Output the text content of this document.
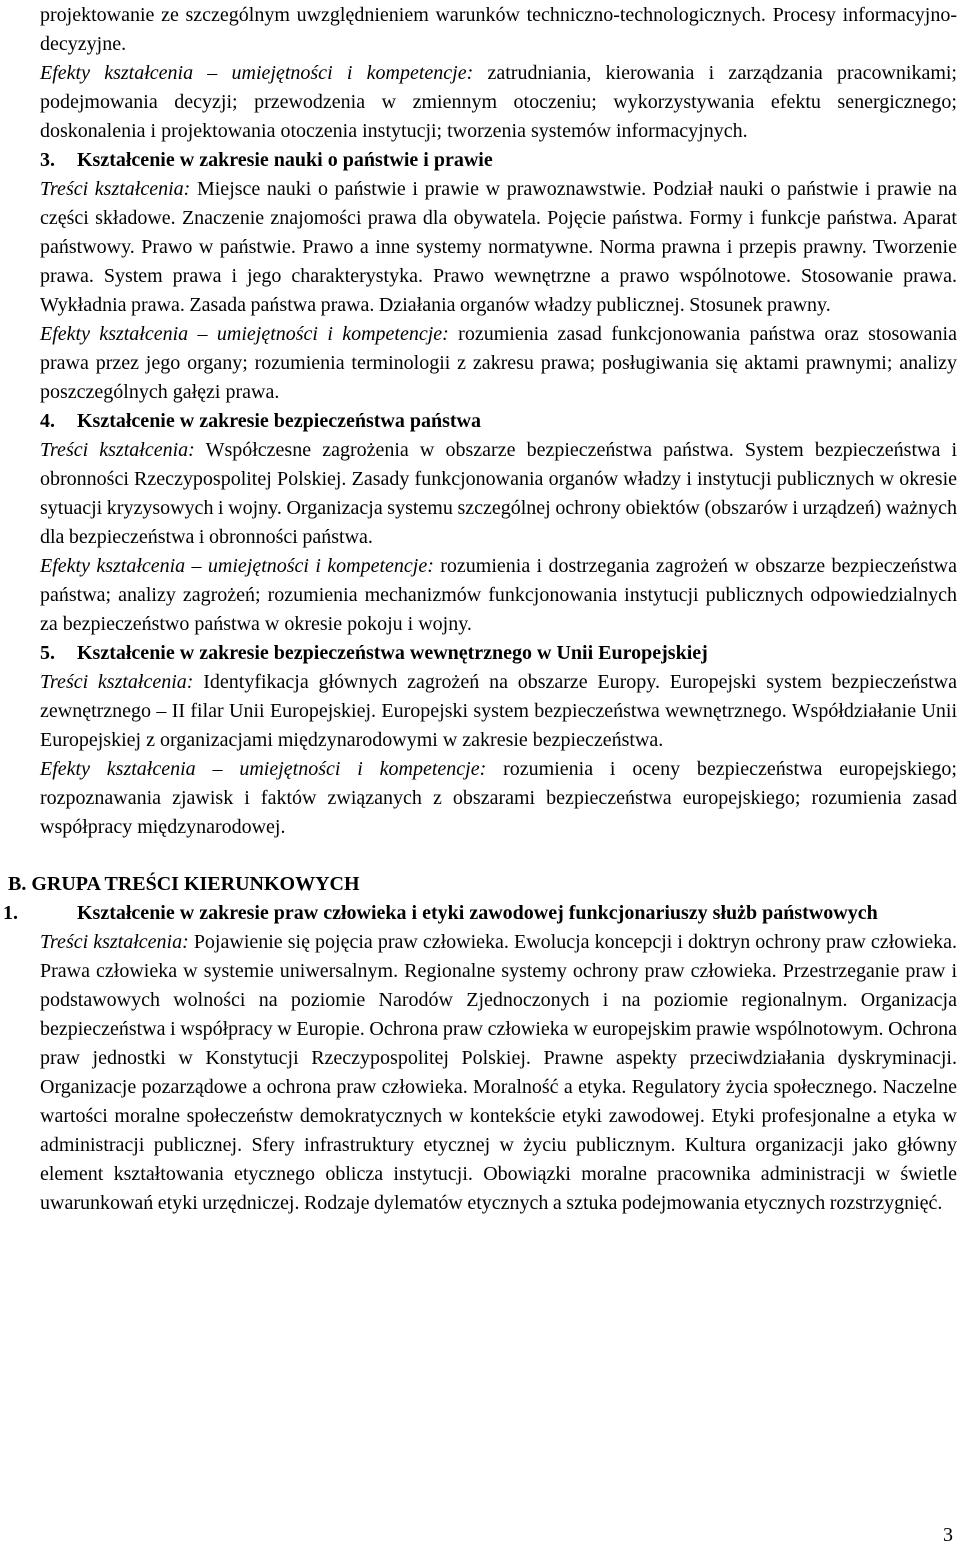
projektowanie ze szczególnym uwzględnieniem warunków techniczno-technologicznych. Procesy informacyjno-decyzyjne.

Efekty kształcenia – umiejętności i kompetencje: zatrudniania, kierowania i zarządzania pracownikami; podejmowania decyzji; przewodzenia w zmiennym otoczeniu; wykorzystywania efektu senergicznego; doskonalenia i projektowania otoczenia instytucji; tworzenia systemów informacyjnych.

3. Kształcenie w zakresie nauki o państwie i prawie

Treści kształcenia: Miejsce nauki o państwie i prawie w prawoznawstwie. Podział nauki o państwie i prawie na części składowe. Znaczenie znajomości prawa dla obywatela. Pojęcie państwa. Formy i funkcje państwa. Aparat państwowy. Prawo w państwie. Prawo a inne systemy normatywne. Norma prawna i przepis prawny. Tworzenie prawa. System prawa i jego charakterystyka. Prawo wewnętrzne a prawo wspólnotowe. Stosowanie prawa. Wykładnia prawa. Zasada państwa prawa. Działania organów władzy publicznej. Stosunek prawny.

Efekty kształcenia – umiejętności i kompetencje: rozumienia zasad funkcjonowania państwa oraz stosowania prawa przez jego organy; rozumienia terminologii z zakresu prawa; posługiwania się aktami prawnymi; analizy poszczególnych gałęzi prawa.

4. Kształcenie w zakresie bezpieczeństwa państwa

Treści kształcenia: Współczesne zagrożenia w obszarze bezpieczeństwa państwa. System bezpieczeństwa i obronności Rzeczypospolitej Polskiej. Zasady funkcjonowania organów władzy i instytucji publicznych w okresie sytuacji kryzysowych i wojny. Organizacja systemu szczególnej ochrony obiektów (obszarów i urządzeń) ważnych dla bezpieczeństwa i obronności państwa.

Efekty kształcenia – umiejętności i kompetencje: rozumienia i dostrzegania zagrożeń w obszarze bezpieczeństwa państwa; analizy zagrożeń; rozumienia mechanizmów funkcjonowania instytucji publicznych odpowiedzialnych za bezpieczeństwo państwa w okresie pokoju i wojny.

5. Kształcenie w zakresie bezpieczeństwa wewnętrznego w Unii Europejskiej

Treści kształcenia: Identyfikacja głównych zagrożeń na obszarze Europy. Europejski system bezpieczeństwa zewnętrznego – II filar Unii Europejskiej. Europejski system bezpieczeństwa wewnętrznego. Współdziałanie Unii Europejskiej z organizacjami międzynarodowymi w zakresie bezpieczeństwa.

Efekty kształcenia – umiejętności i kompetencje: rozumienia i oceny bezpieczeństwa europejskiego; rozpoznawania zjawisk i faktów związanych z obszarami bezpieczeństwa europejskiego; rozumienia zasad współpracy międzynarodowej.

B. GRUPA TREŚCI KIERUNKOWYCH
1.	Kształcenie w zakresie praw człowieka i etyki zawodowej funkcjonariuszy służb państwowych

Treści kształcenia: Pojawienie się pojęcia praw człowieka. Ewolucja koncepcji i doktryn ochrony praw człowieka. Prawa człowieka w systemie uniwersalnym. Regionalne systemy ochrony praw człowieka. Przestrzeganie praw i podstawowych wolności na poziomie Narodów Zjednoczonych i na poziomie regionalnym. Organizacja bezpieczeństwa i współpracy w Europie. Ochrona praw człowieka w europejskim prawie wspólnotowym. Ochrona praw jednostki w Konstytucji Rzeczypospolitej Polskiej. Prawne aspekty przeciwdziałania dyskryminacji. Organizacje pozarządowe a ochrona praw człowieka. Moralność a etyka. Regulatory życia społecznego. Naczelne wartości moralne społeczeństw demokratycznych w kontekście etyki zawodowej. Etyki profesjonalne a etyka w administracji publicznej. Sfery infrastruktury etycznej w życiu publicznym. Kultura organizacji jako główny element kształtowania etycznego oblicza instytucji. Obowiązki moralne pracownika administracji w świetle uwarunkowań etyki urzędniczej. Rodzaje dylematów etycznych a sztuka podejmowania etycznych rozstrzygnięć.

3
